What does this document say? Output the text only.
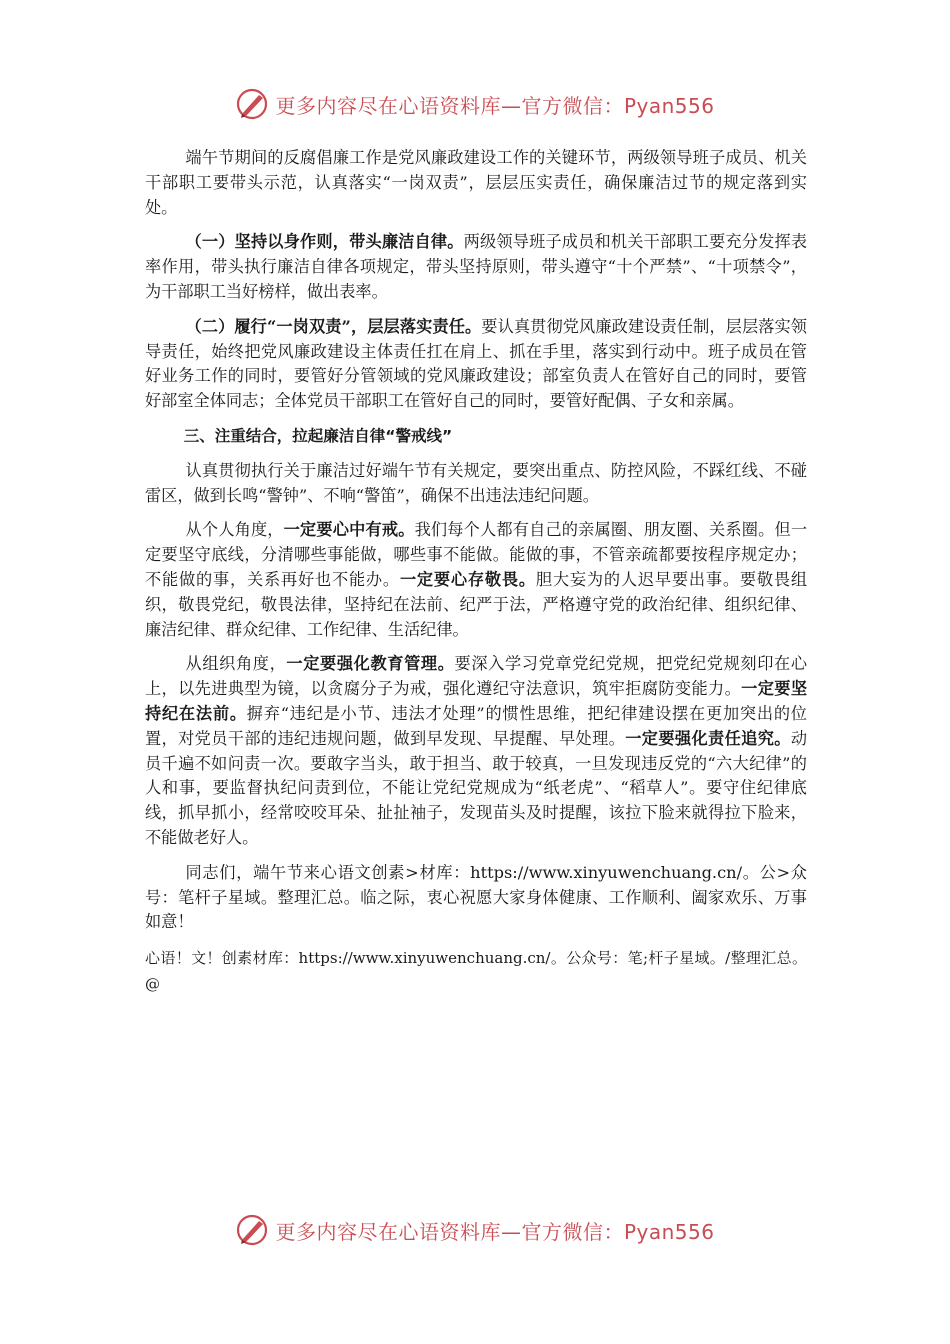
更多内容尽在心语资料库—官方微信：Pyan556

端午节期间的反腐倡廉工作是党风廉政建设工作的关键环节，两级领导班子成员、机关干部职工要带头示范，认真落实“一岗双责”，层层压实责任，确保廉洁过节的规定落到实处。

（一）坚持以身作则，带头廉洁自律。两级领导班子成员和机关干部职工要充分发挥表率作用，带头执行廉洁自律各项规定，带头坚持原则，带头遵守“十个严禁”、“十项禁令”，为干部职工当好榜样，做出表率。

（二）履行“一岗双责”，层层落实责任。要认真贯彻党风廉政建设责任制，层层落实领导责任，始终把党风廉政建设主体责任扛在肩上、抓在手里，落实到行动中。班子成员在管好业务工作的同时，要管好分管领域的党风廉政建设；部室负责人在管好自己的同时，要管好部室全体同志；全体党员干部职工在管好自己的同时，要管好配偶、子女和亲属。

三、注重结合，拉起廉洁自律“警戒线”

认真贯彻执行关于廉洁过好端午节有关规定，要突出重点、防控风险，不踩红线、不碰雷区，做到长鸣“警钟”、不响“警笛”，确保不出违法违纪问题。

从个人角度，一定要心中有戒。我们每个人都有自己的亲属圈、朋友圈、关系圈。但一定要坚守底线，分清哪些事能做，哪些事不能做。能做的事，不管亲疏都要按程序规定办；不能做的事，关系再好也不能办。一定要心存敬畏。胆大妄为的人迟早要出事。要敬畏组织，敬畏党纪，敬畏法律，坚持纪在法前、纪严于法，严格遵守党的政治纪律、组织纪律、廉洁纪律、群众纪律、工作纪律、生活纪律。

从组织角度，一定要强化教育管理。要深入学习党章党纪党规，把党纪党规刻印在心上，以先进典型为镜，以贪腐分子为戒，强化遵纪守法意识，筑牢拒腐防变能力。一定要坚持纪在法前。摒弃“违纪是小节、违法才处理”的惯性思维，把纪律建设摆在更加突出的位置，对党员干部的违纪违规问题，做到早发现、早提醒、早处理。一定要强化责任追究。动员千遍不如问责一次。要敢字当头，敢于担当、敢于较真，一旦发现违反党的“六大纪律”的人和事，要监督执纪问责到位，不能让党纪党规成为“纸老虎”、“稻草人”。要守住纪律底线，抓早抓小，经常咬咬耳朵、扯扯袖子，发现苗头及时提醒，该拉下脸来就得拉下脸来，不能做老好人。

同志们，端午节来心语文创素>材库：https://www.xinyuwenchuang.cn/。公>众号：笔杆子星域。整理汇总。临之际，衷心祝愿大家身体健康、工作顺利、阖家欢乐、万事如意！

心语！文！创素材库：https://www.xinyuwenchuang.cn/。公众号：笔;杆子星域。/整理汇总。@

更多内容尽在心语资料库—官方微信：Pyan556
